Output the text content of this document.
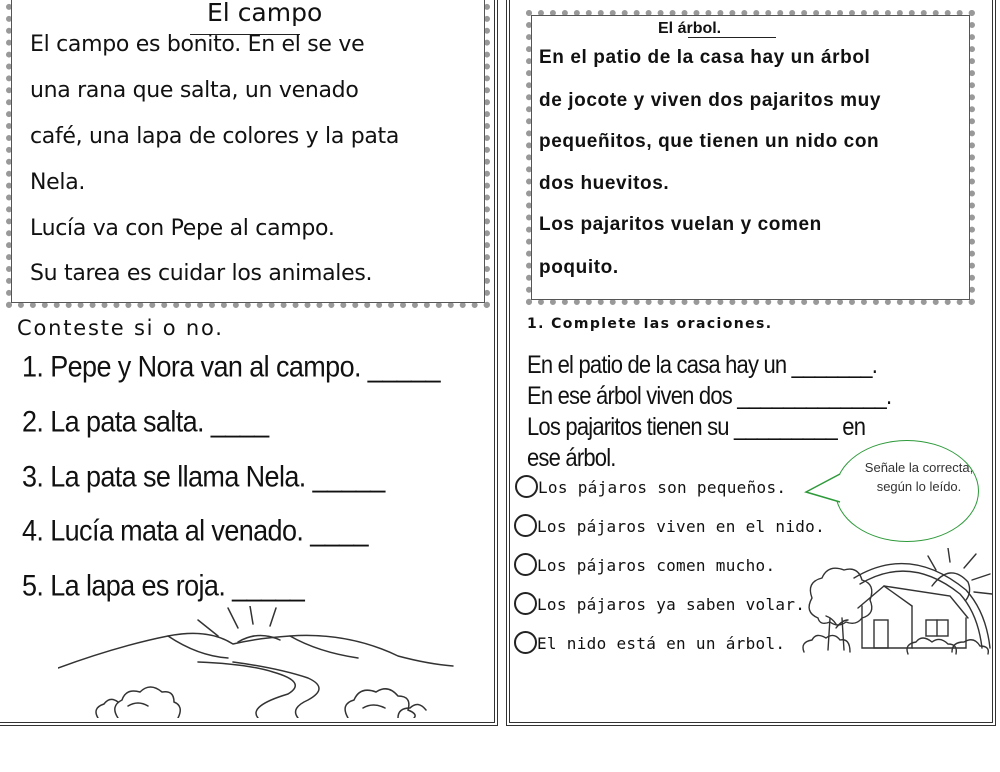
El campo
El campo es bonito. En el se ve
una rana que salta, un venado
café, una lapa de colores y la pata
Nela.
Lucía va con Pepe al campo.
Su tarea es cuidar los animales.
Conteste si o no.
1. Pepe y Nora van al campo. _____
2. La pata salta. ____
3. La pata se llama Nela. _____
4. Lucía mata al venado. ____
5. La lapa es roja. _____
El árbol.
En el patio de la casa hay un árbol
de jocote y viven dos pajaritos muy
pequeñitos, que tienen un nido con
dos huevitos.
Los pajaritos vuelan y comen
poquito.
1. Complete las oraciones.
En el patio de la casa hay un _______.
En ese árbol viven dos _____________.
Los pajaritos tienen su _________ en
ese árbol.	Señale la correcta, según lo leído.
Los pájaros son pequeños.
Los pájaros viven en el nido.
Los pájaros comen mucho.
Los pájaros ya saben volar.
El nido está en un árbol.
